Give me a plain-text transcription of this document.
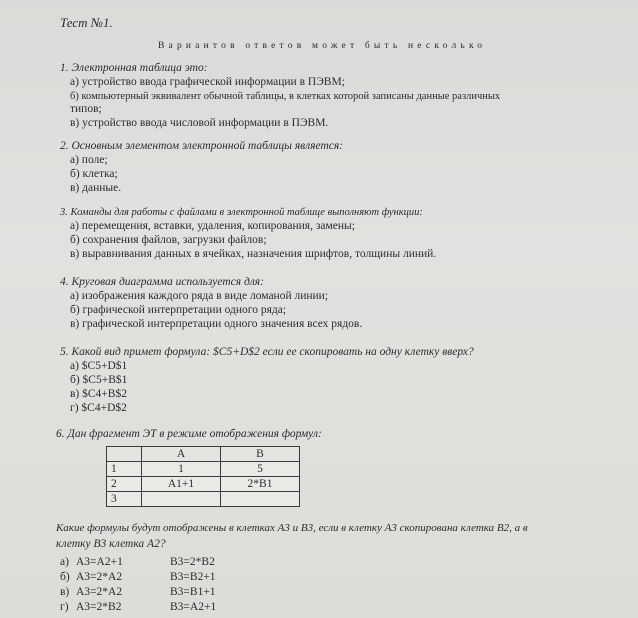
Тест №1.
Вариантов ответов может быть несколько
1. Электронная таблица это:
а) устройство ввода графической информации в ПЭВМ;
б) компьютерный эквивалент обычной таблицы, в клетках которой записаны данные различных
типов;
в) устройство ввода числовой информации в ПЭВМ.
2. Основным элементом электронной таблицы является:
а) поле;
б) клетка;
в) данные.
3. Команды для работы с файлами в электронной таблице выполняют функции:
а) перемещения, вставки, удаления, копирования, замены;
б) сохранения файлов, загрузки файлов;
в) выравнивания данных в ячейках, назначения шрифтов, толщины линий.
4. Круговая диаграмма используется для:
а) изображения каждого ряда в виде ломаной линии;
б) графической интерпретации одного ряда;
в) графической интерпретации одного значения всех рядов.
5. Какой вид примет формула: $C5+D$2 если ее скопировать на одну клетку вверх?
а) $C5+D$1
б) $C5+B$1
в) $C4+B$2
г) $C4+D$2
6. Дан фрагмент ЭТ в режиме отображения формул:
	A	B
1	1	5
2	A1+1	2*B1
3		
Какие формулы будут отображены в клетках А3 и В3, если в клетку А3 скопирована клетка В2, а в
клетку В3 клетка А2?
а) A3=A2+1	B3=2*B2
б) A3=2*A2	B3=B2+1
в) A3=2*A2	B3=B1+1
г) A3=2*B2	B3=A2+1
